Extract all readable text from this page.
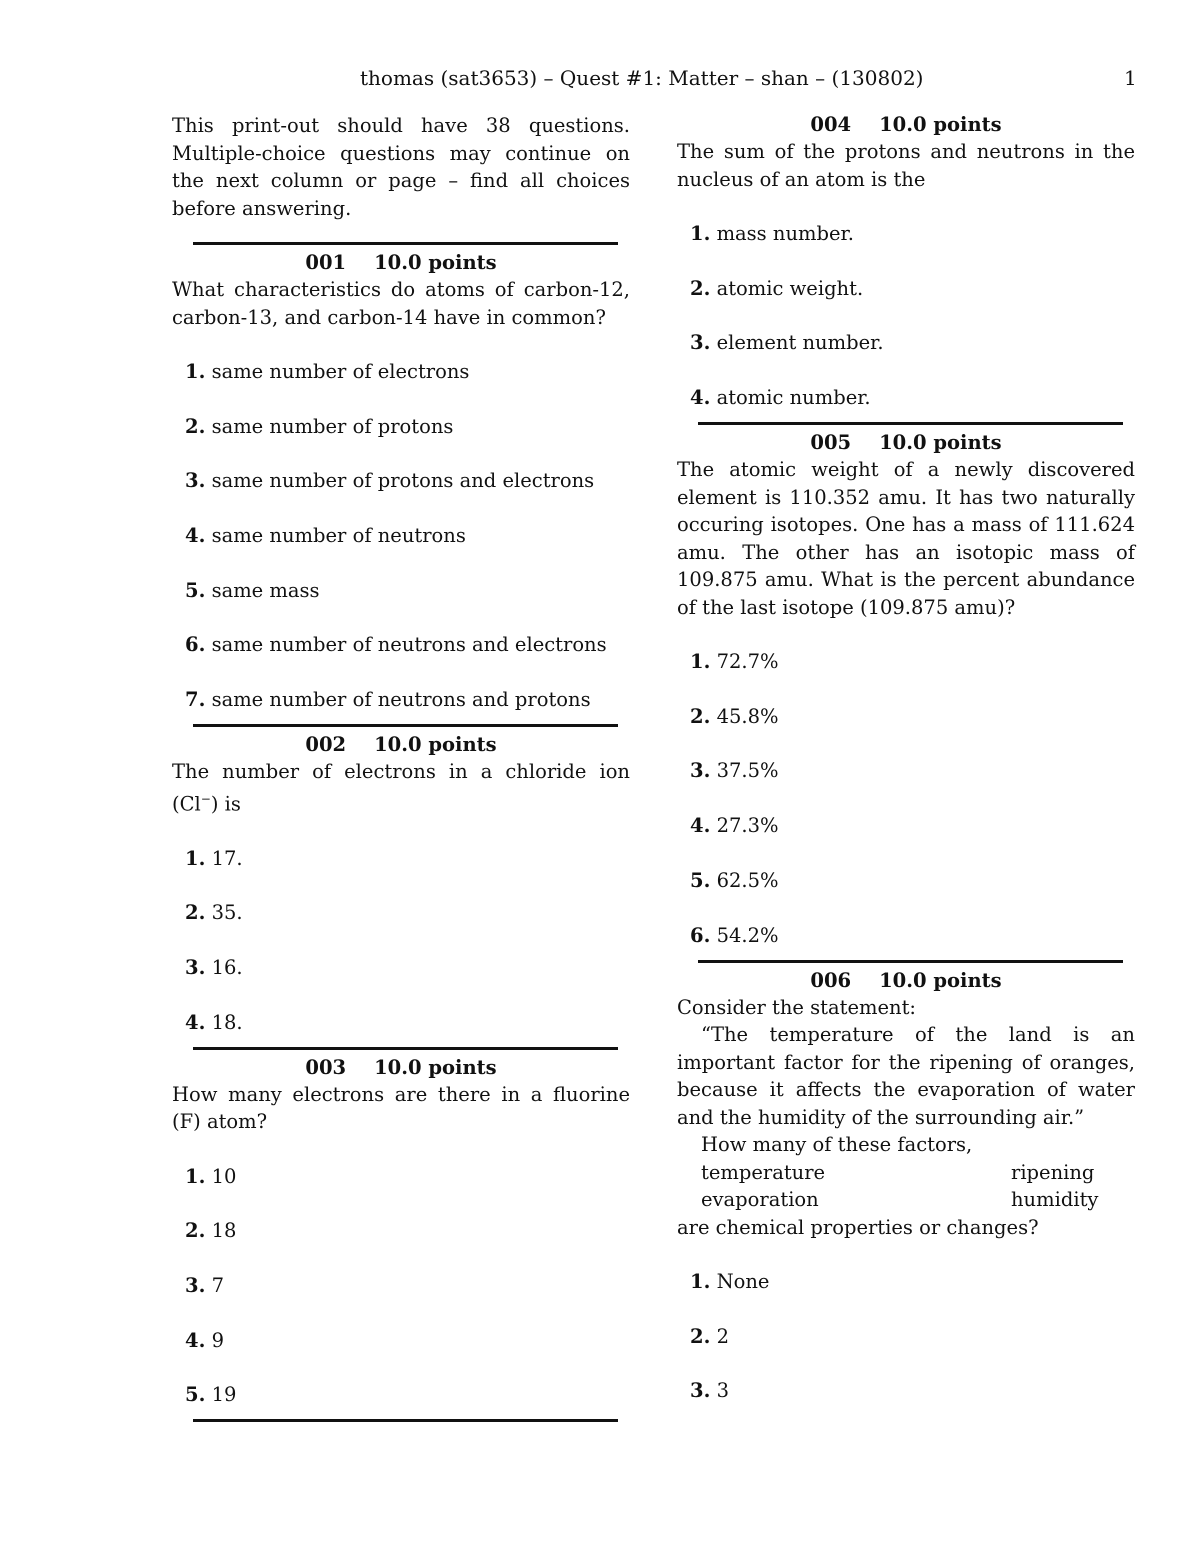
thomas (sat3653) – Quest #1: Matter – shan – (130802)	1
This print-out should have 38 questions. Multiple-choice questions may continue on the next column or page – find all choices before answering.
001 10.0 points
What characteristics do atoms of carbon-12, carbon-13, and carbon-14 have in common?
1. same number of electrons
2. same number of protons
3. same number of protons and electrons
4. same number of neutrons
5. same mass
6. same number of neutrons and electrons
7. same number of neutrons and protons
002 10.0 points
The number of electrons in a chloride ion
(Cl−) is
1. 17.
2. 35.
3. 16.
4. 18.
003 10.0 points
How many electrons are there in a fluorine (F) atom?
1. 10
2. 18
3. 7
4. 9
5. 19
004 10.0 points
The sum of the protons and neutrons in the nucleus of an atom is the
1. mass number.
2. atomic weight.
3. element number.
4. atomic number.
005 10.0 points
The atomic weight of a newly discovered element is 110.352 amu. It has two naturally occuring isotopes. One has a mass of 111.624 amu. The other has an isotopic mass of 109.875 amu. What is the percent abundance of the last isotope (109.875 amu)?
1. 72.7%
2. 45.8%
3. 37.5%
4. 27.3%
5. 62.5%
6. 54.2%
006 10.0 points
Consider the statement:
“The temperature of the land is an important factor for the ripening of oranges, because it affects the evaporation of water and the humidity of the surrounding air.”
How many of these factors,
temperature	ripening
evaporation	humidity
are chemical properties or changes?
1. None
2. 2
3. 3
